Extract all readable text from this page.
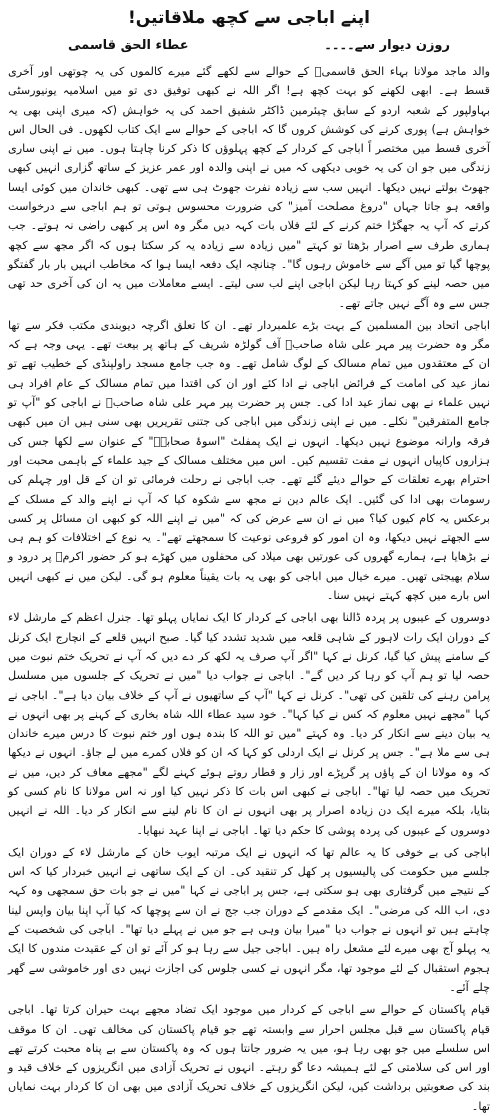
اپنے اباجی سے کچھ ملاقاتیں!
روزن دیوار سے۔۔۔۔
عطاء الحق قاسمی

والد ماجد مولانا بہاء الحق قاسمیؒ کے حوالے سے لکھے گئے میرے کالموں کی یہ چوتھی اور آخری قسط ہے۔ ابھی لکھنے کو بہت کچھ ہے! اگر اللہ نے کبھی توفیق دی تو میں اسلامیہ یونیورسٹی بہاولپور کے شعبہ اردو کے سابق چیئرمین ڈاکٹر شفیق احمد کی یہ خواہش (کہ میری اپنی بھی یہ خواہش ہے) پوری کرنے کی کوشش کروں گا کہ اباجی کے حوالے سے ایک کتاب لکھوں۔ فی الحال اس آخری قسط میں مختصر اً اباجی کے کردار کے کچھ پہلوؤں کا ذکر کرنا چاہتا ہوں۔ میں نے اپنی ساری زندگی میں جو ان کی یہ خوبی دیکھی کہ میں نے اپنی والدہ اور عمر عزیز کے ساتھ گزاری انہیں کبھی جھوٹ بولتے نہیں دیکھا۔ انہیں سب سے زیادہ نفرت جھوٹ ہی سے تھی۔ کبھی خاندان میں کوئی ایسا واقعہ ہو جاتا جہاں "دروغ مصلحت آمیز" کی ضرورت محسوس ہوتی تو ہم اباجی سے درخواست کرتے کہ آپ یہ جھگڑا ختم کرنے کے لئے فلاں بات کہہ دیں مگر وہ اس پر کبھی راضی نہ ہوتے۔ جب ہماری طرف سے اصرار بڑھتا تو کہتے "میں زیادہ سے زیادہ یہ کر سکتا ہوں کہ اگر مجھ سے کچھ پوچھا گیا تو میں آگے سے خاموش رہوں گا"۔ چنانچہ ایک دفعہ ایسا ہوا کہ مخاطب انہیں بار بار گفتگو میں حصہ لینے کو کہتا رہا لیکن اباجی اپنے لب سی لیتے۔ ایسے معاملات میں یہ ان کی آخری حد تھی جس سے وہ آگے نہیں جاتے تھے۔

اباجی اتحاد بین المسلمین کے بہت بڑے علمبردار تھے۔ ان کا تعلق اگرچہ دیوبندی مکتب فکر سے تھا مگر وہ حضرت پیر مہر علی شاہ صاحبؒ آف گولڑہ شریف کے ہاتھ پر بیعت تھے۔ یہی وجہ ہے کہ ان کے معتقدوں میں تمام مسالک کے لوگ شامل تھے۔ وہ جب جامع مسجد راولپنڈی کے خطیب تھے تو نماز عید کی امامت کے فرائض اباجی نے ادا کئے اور ان کی اقتدا میں تمام مسالک کے عام افراد ہی نہیں علماء نے بھی نماز عید ادا کی۔ جس پر حضرت پیر مہر علی شاہ صاحبؒ نے اباجی کو "آپ تو جامع المتفرقین" نکلے۔ میں نے اپنی زندگی میں اباجی کی جتنی تقریریں بھی سنی ہیں ان میں کبھی فرقہ وارانہ موضوع نہیں دیکھا۔ انہوں نے ایک پمفلٹ "اسوۂ صحابہؓ" کے عنوان سے لکھا جس کی ہزاروں کاپیاں انہوں نے مفت تقسیم کیں۔ اس میں مختلف مسالک کے جید علماء کے باہمی محبت اور احترام بھرے تعلقات کے حوالے دیئے گئے تھے۔ جب اباجی نے رحلت فرمائی تو ان کے قل اور چہلم کی رسومات بھی ادا کی گئیں۔ ایک عالم دین نے مجھ سے شکوہ کیا کہ آپ نے اپنے والد کے مسلک کے برعکس یہ کام کیوں کیا؟ میں نے ان سے عرض کی کہ "میں نے اپنے اللہ کو کبھی ان مسائل پر کسی سے الجھتے نہیں دیکھا، وہ ان امور کو فروعی نوعیت کا سمجھتے تھے"۔ یہ نوع کے اختلافات کو ہم ہی نے بڑھایا ہے، ہمارے گھروں کی عورتیں بھی میلاد کی محفلوں میں کھڑے ہو کر حضور اکرمؐ پر درود و سلام بھیجتی تھیں۔ میرے خیال میں اباجی کو بھی یہ بات یقیناً معلوم ہو گی۔ لیکن میں نے کبھی انہیں اس بارے میں کچھ کہتے نہیں سنا۔

دوسروں کے عیبوں پر پردہ ڈالنا بھی اباجی کے کردار کا ایک نمایاں پہلو تھا۔ جنرل اعظم کے مارشل لاء کے دوران ایک رات لاہور کے شاہی قلعہ میں شدید تشدد کیا گیا۔ صبح انہیں قلعے کے انچارج ایک کرنل کے سامنے پیش کیا گیا، کرنل نے کہا "اگر آپ صرف یہ لکھ کر دے دیں کہ آپ نے تحریک ختم نبوت میں حصہ لیا تو ہم آپ کو رہا کر دیں گے"۔ اباجی نے جواب دیا "میں نے تحریک کے جلسوں میں مسلسل پرامن رہنے کی تلقین کی تھی"۔ کرنل نے کہا "آپ کے ساتھیوں نے آپ کے خلاف بیان دیا ہے"۔ اباجی نے کہا "مجھے نہیں معلوم کہ کس نے کیا کہا"۔ خود سید عطاء اللہ شاہ بخاری کے کہنے پر بھی انہوں نے یہ بیان دینے سے انکار کر دیا۔ وہ کہتے "میں تو اللہ کا بندہ ہوں اور ختم نبوت کا درس میرے خاندان ہی سے ملا ہے"۔ جس پر کرنل نے ایک اردلی کو کہا کہ ان کو فلاں کمرے میں لے جاؤ۔ انہوں نے دیکھا کہ وہ مولانا ان کے پاؤں پر گرپڑے اور زار و قطار روتے ہوئے کہنے لگے "مجھے معاف کر دیں، میں نے تحریک میں حصہ لیا تھا"۔ اباجی نے کبھی اس بات کا ذکر نہیں کیا اور نہ اس مولانا کا نام کسی کو بتایا، بلکہ میرے ایک دن زیادہ اصرار پر بھی انہوں نے ان کا نام لینے سے انکار کر دیا۔ اللہ نے انہیں دوسروں کے عیبوں کی پردہ پوشی کا حکم دیا تھا۔ اباجی نے اپنا عہد نبھایا۔

اباجی کی بے خوفی کا یہ عالم تھا کہ انہوں نے ایک مرتبہ ایوب خان کے مارشل لاء کے دوران ایک جلسے میں حکومت کی پالیسیوں پر کھل کر تنقید کی۔ ان کے ایک ساتھی نے انہیں خبردار کیا کہ اس کے نتیجے میں گرفتاری بھی ہو سکتی ہے، جس پر اباجی نے کہا "میں نے جو بات حق سمجھی وہ کہہ دی، اب اللہ کی مرضی"۔ ایک مقدمے کے دوران جب جج نے ان سے پوچھا کہ کیا آپ اپنا بیان واپس لینا چاہتے ہیں تو انہوں نے جواب دیا "میرا بیان وہی ہے جو میں نے پہلے دیا تھا"۔ اباجی کی شخصیت کے یہ پہلو آج بھی میرے لئے مشعل راہ ہیں۔ اباجی جیل سے رہا ہو کر آئے تو ان کے عقیدت مندوں کا ایک ہجوم استقبال کے لئے موجود تھا، مگر انہوں نے کسی جلوس کی اجازت نہیں دی اور خاموشی سے گھر چلے آئے۔

قیام پاکستان کے حوالے سے اباجی کے کردار میں موجود ایک تضاد مجھے بہت حیران کرتا تھا۔ اباجی قیام پاکستان سے قبل مجلس احرار سے وابستہ تھے جو قیام پاکستان کی مخالف تھی۔ ان کا موقف اس سلسلے میں جو بھی رہا ہو، میں یہ ضرور جانتا ہوں کہ وہ پاکستان سے بے پناہ محبت کرتے تھے اور اس کی سلامتی کے لئے ہمیشہ دعا گو رہتے۔ انہوں نے تحریک آزادی میں انگریزوں کے خلاف قید و بند کی صعوبتیں برداشت کیں، لیکن انگریزوں کے خلاف تحریک آزادی میں بھی ان کا کردار بہت نمایاں تھا۔
